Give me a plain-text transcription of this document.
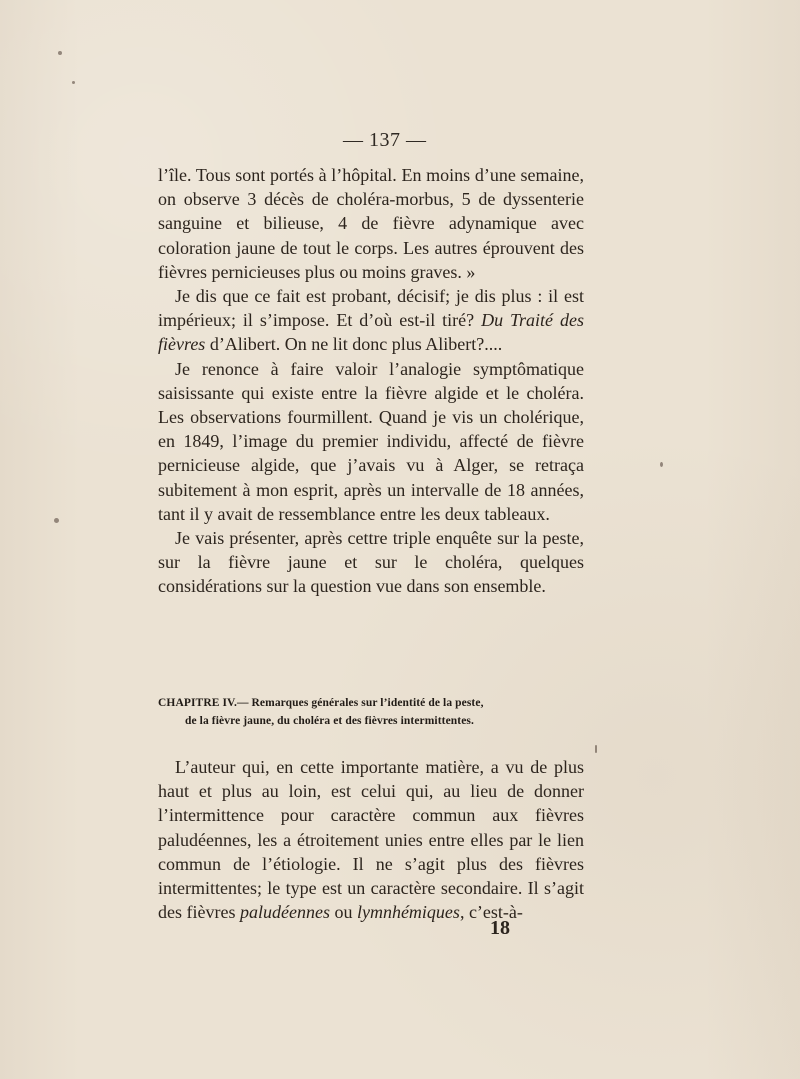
— 137 —

l’île. Tous sont portés à l’hôpital. En moins d’une semaine, on observe 3 décès de choléra-morbus, 5 de dyssenterie sanguine et bilieuse, 4 de fièvre adynamique avec coloration jaune de tout le corps. Les autres éprouvent des fièvres pernicieuses plus ou moins graves. »

Je dis que ce fait est probant, décisif; je dis plus : il est impérieux; il s’impose. Et d’où est-il tiré? Du Traité des fièvres d’Alibert. On ne lit donc plus Alibert?....

Je renonce à faire valoir l’analogie symptômatique saisissante qui existe entre la fièvre algide et le choléra. Les observations fourmillent. Quand je vis un cholérique, en 1849, l’image du premier individu, affecté de fièvre pernicieuse algide, que j’avais vu à Alger, se retraça subitement à mon esprit, après un intervalle de 18 années, tant il y avait de ressemblance entre les deux tableaux.

Je vais présenter, après cettre triple enquête sur la peste, sur la fièvre jaune et sur le choléra, quelques considérations sur la question vue dans son ensemble.

CHAPITRE IV.— Remarques générales sur l’identité de la peste,
de la fièvre jaune, du choléra et des fièvres intermittentes.

L’auteur qui, en cette importante matière, a vu de plus haut et plus au loin, est celui qui, au lieu de donner l’intermittence pour caractère commun aux fièvres paludéennes, les a étroitement unies entre elles par le lien commun de l’étiologie. Il ne s’agit plus des fièvres intermittentes; le type est un caractère secondaire. Il s’agit des fièvres paludéennes ou lymnhémiques, c’est-à-

18
